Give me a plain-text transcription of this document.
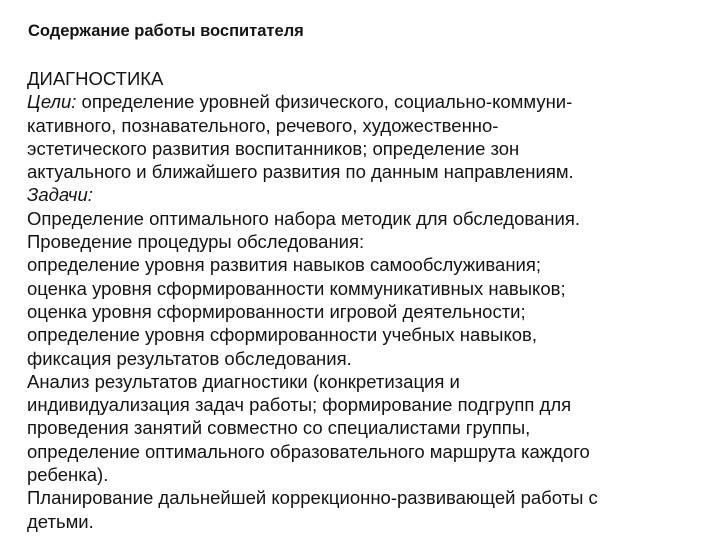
Содержание работы воспитателя
ДИАГНОСТИКА
Цели: определение уровней физического, социально-коммуни-
кативного, познавательного, речевого, художественно-
эстетического развития воспитанников; определение зон
актуального и ближайшего развития по данным направлениям.
Задачи:
Определение оптимального набора методик для обследования.
Проведение процедуры обследования:
определение уровня развития навыков самообслуживания;
оценка уровня сформированности коммуникативных навыков;
оценка уровня сформированности игровой деятельности;
определение уровня сформированности учебных навыков,
фиксация результатов обследования.
Анализ результатов диагностики (конкретизация и
индивидуализация задач работы; формирование подгрупп для
проведения занятий совместно со специалистами группы,
определение оптимального образовательного маршрута каждого
ребенка).
Планирование дальнейшей коррекционно-развивающей работы с
детьми.
